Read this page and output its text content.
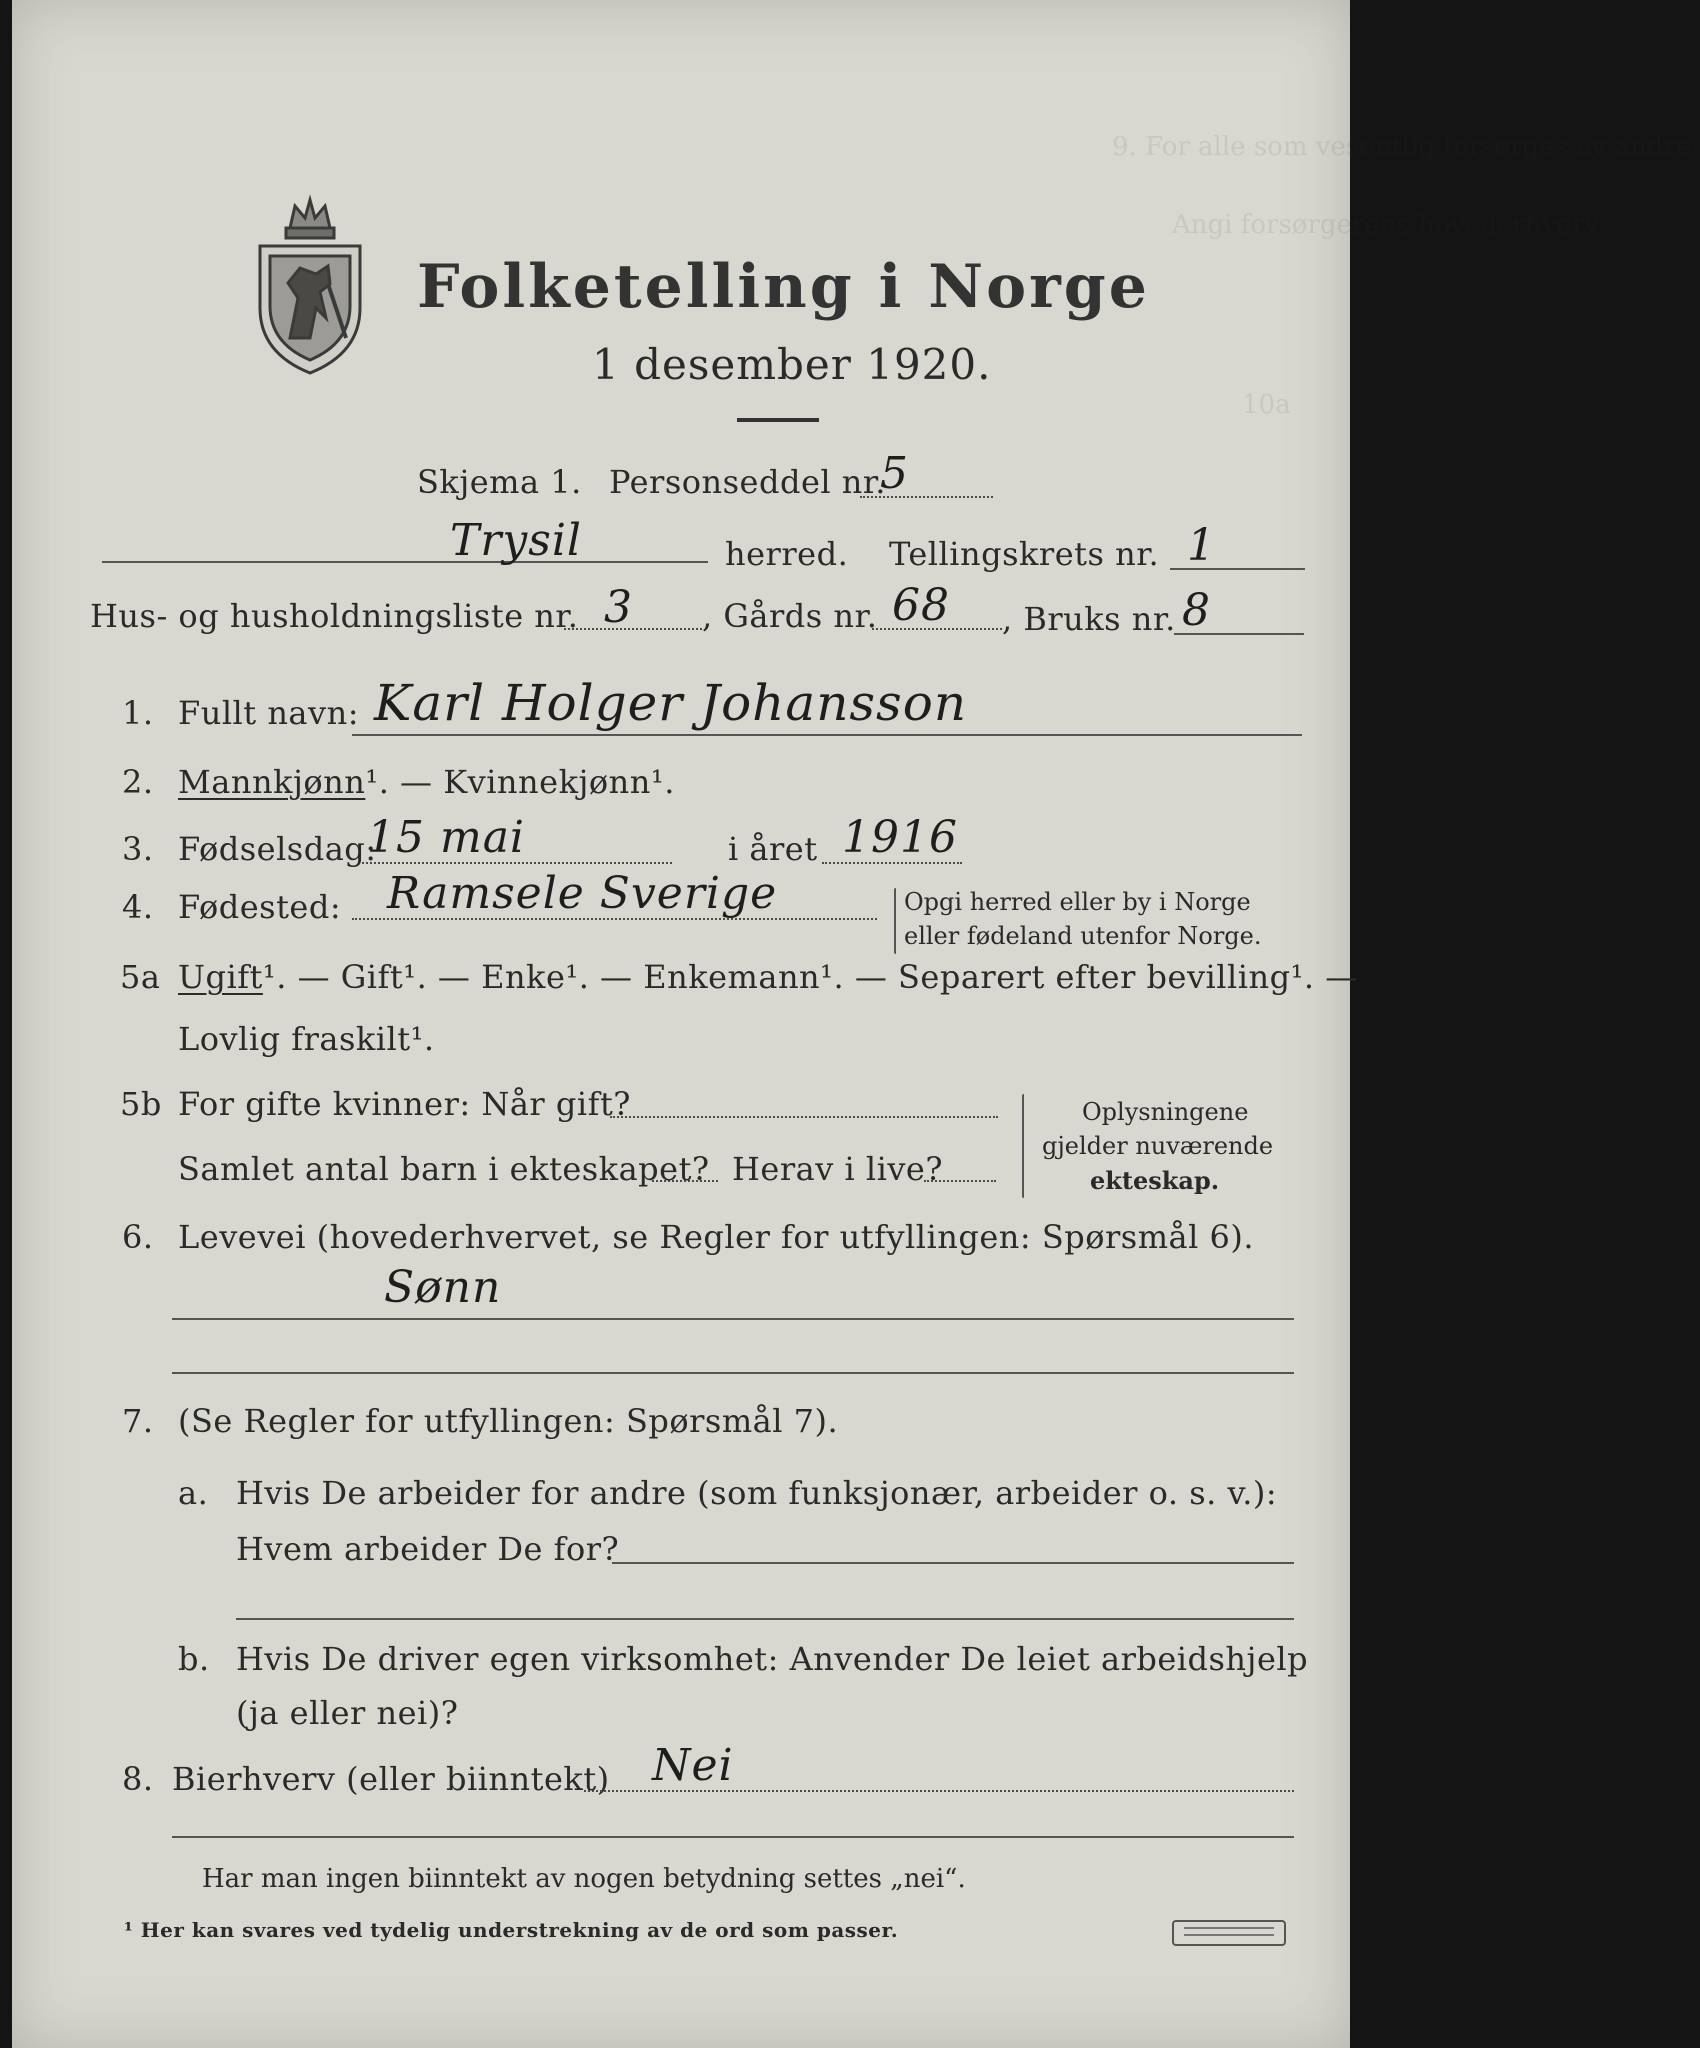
9. For alle som vesentlig forsørges av andre:
Angi forsørgerens hovederhverv
10a
Folketelling i Norge
1 desember 1920.
Skjema 1. Personseddel nr.
5
Trysil	herred. Tellingskrets nr. 1
Hus- og husholdningsliste nr. 3 , Gårds nr. 68 , Bruks nr. 8
1. Fullt navn: Karl Holger Johansson
2. Mannkjønn¹. — Kvinnekjønn¹.
3. Fødselsdag:
15 mai	i året 1916
4. Fødested: Ramsele Sverige	Opgi herred eller by i Norge
eller fødeland utenfor Norge.
5a Ugift¹. — Gift¹. — Enke¹. — Enkemann¹. — Separert efter bevilling¹. —
Lovlig fraskilt¹.
5b For gifte kvinner: Når gift?
Samlet antal barn i ekteskapet? Herav i live?
Oplysningene
gjelder nuværende
ekteskap.
6. Levevei (hovederhvervet, se Regler for utfyllingen: Spørsmål 6).
Sønn
7. (Se Regler for utfyllingen: Spørsmål 7).
a. Hvis De arbeider for andre (som funksjonær, arbeider o. s. v.):
Hvem arbeider De for?
b. Hvis De driver egen virksomhet: Anvender De leiet arbeidshjelp
(ja eller nei)?
8. Bierhverv (eller biinntekt) Nei
Har man ingen biinntekt av nogen betydning settes „nei“.
¹ Her kan svares ved tydelig understrekning av de ord som passer.
